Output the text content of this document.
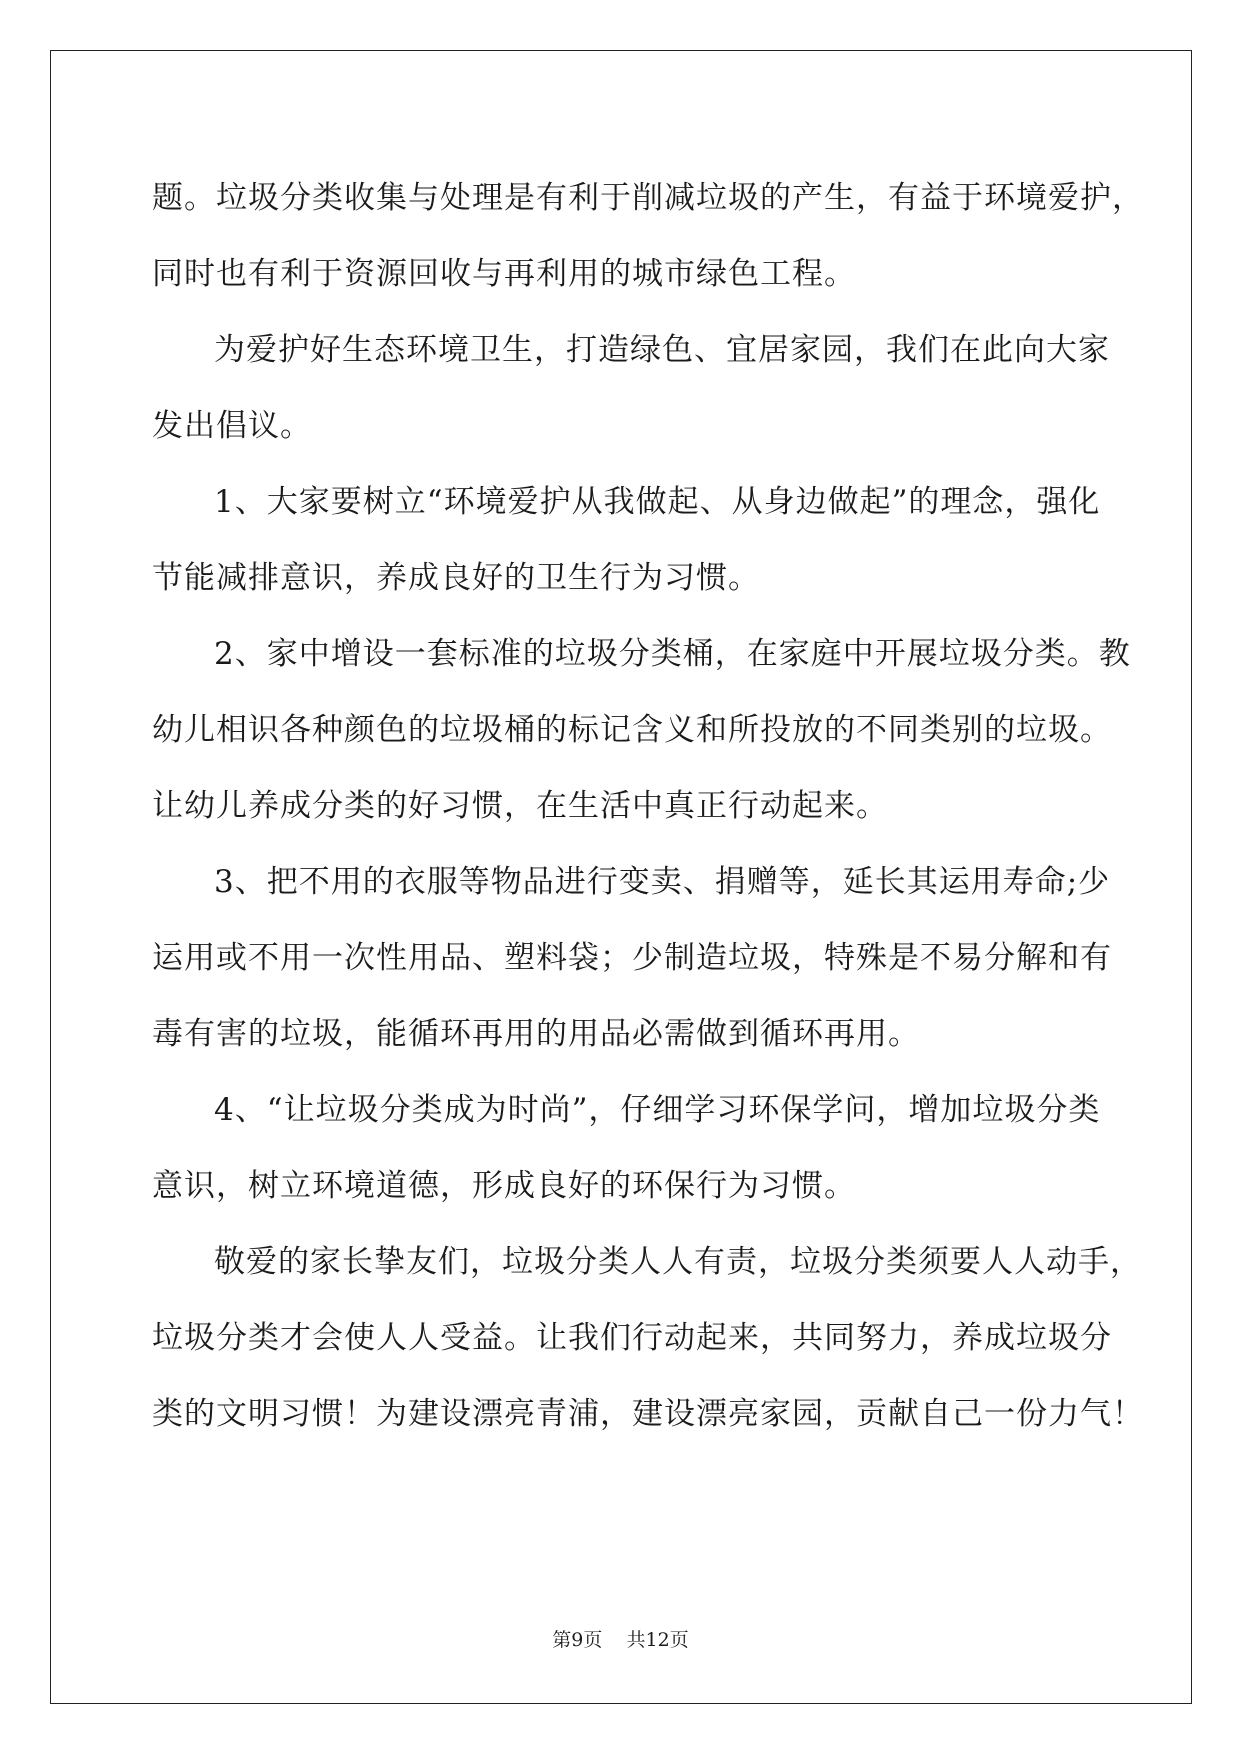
题。垃圾分类收集与处理是有利于削减垃圾的产生，有益于环境爱护，
同时也有利于资源回收与再利用的城市绿色工程。
为爱护好生态环境卫生，打造绿色、宜居家园，我们在此向大家
发出倡议。
1、大家要树立“环境爱护从我做起、从身边做起”的理念，强化
节能减排意识，养成良好的卫生行为习惯。
2、家中增设一套标准的垃圾分类桶，在家庭中开展垃圾分类。教
幼儿相识各种颜色的垃圾桶的标记含义和所投放的不同类别的垃圾。
让幼儿养成分类的好习惯，在生活中真正行动起来。
3、把不用的衣服等物品进行变卖、捐赠等，延长其运用寿命;少
运用或不用一次性用品、塑料袋；少制造垃圾，特殊是不易分解和有
毒有害的垃圾，能循环再用的用品必需做到循环再用。
4、“让垃圾分类成为时尚”，仔细学习环保学问，增加垃圾分类
意识，树立环境道德，形成良好的环保行为习惯。
敬爱的家长挚友们，垃圾分类人人有责，垃圾分类须要人人动手，
垃圾分类才会使人人受益。让我们行动起来，共同努力，养成垃圾分
类的文明习惯！为建设漂亮青浦，建设漂亮家园，贡献自己一份力气！
第9页 共12页
